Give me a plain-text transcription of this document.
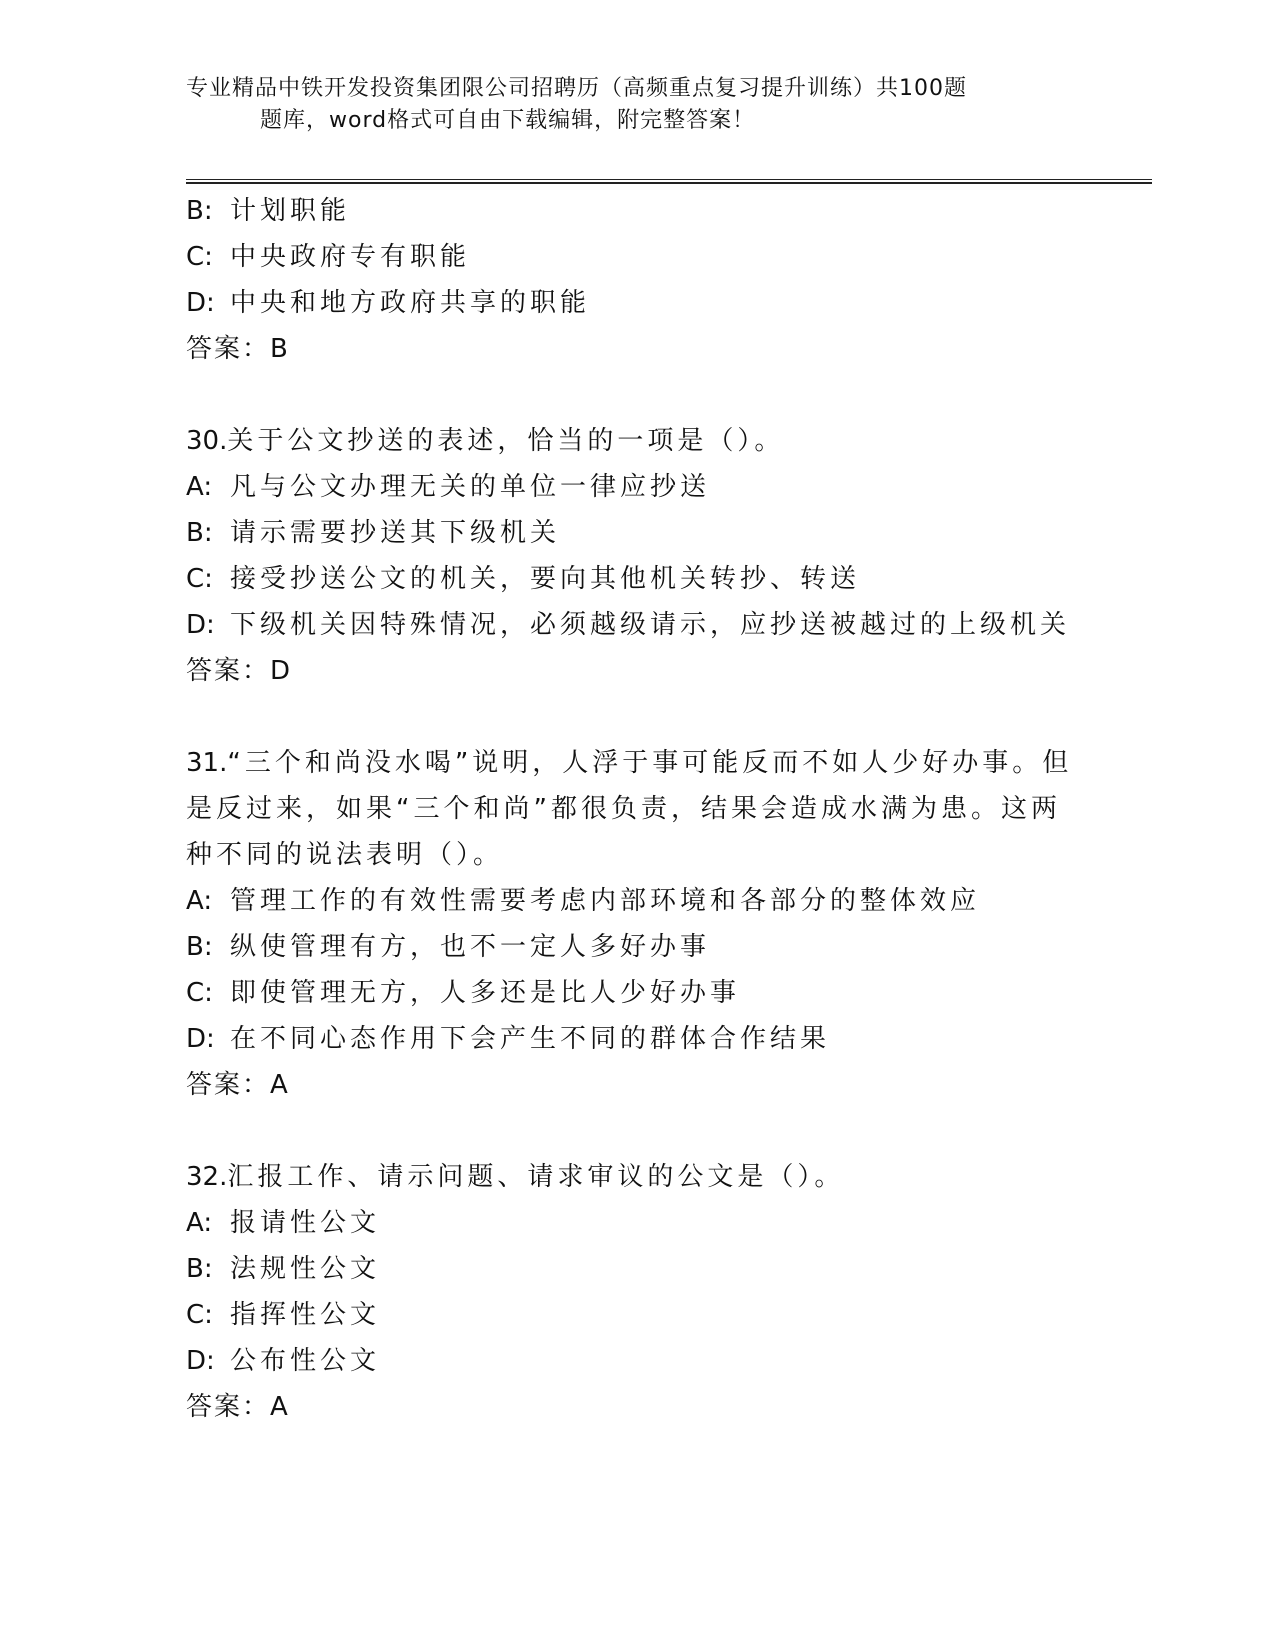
专业精品中铁开发投资集团限公司招聘历（高频重点复习提升训练）共100题
题库，word格式可自由下载编辑，附完整答案！
B: 计划职能
C: 中央政府专有职能
D: 中央和地方政府共享的职能
答案：B
30.关于公文抄送的表述，恰当的一项是（）。
A: 凡与公文办理无关的单位一律应抄送
B: 请示需要抄送其下级机关
C: 接受抄送公文的机关，要向其他机关转抄、转送
D: 下级机关因特殊情况，必须越级请示，应抄送被越过的上级机关
答案：D
31.“三个和尚没水喝”说明，人浮于事可能反而不如人少好办事。但
是反过来，如果“三个和尚”都很负责，结果会造成水满为患。这两
种不同的说法表明（）。
A: 管理工作的有效性需要考虑内部环境和各部分的整体效应
B: 纵使管理有方，也不一定人多好办事
C: 即使管理无方，人多还是比人少好办事
D: 在不同心态作用下会产生不同的群体合作结果
答案：A
32.汇报工作、请示问题、请求审议的公文是（）。
A: 报请性公文
B: 法规性公文
C: 指挥性公文
D: 公布性公文
答案：A
